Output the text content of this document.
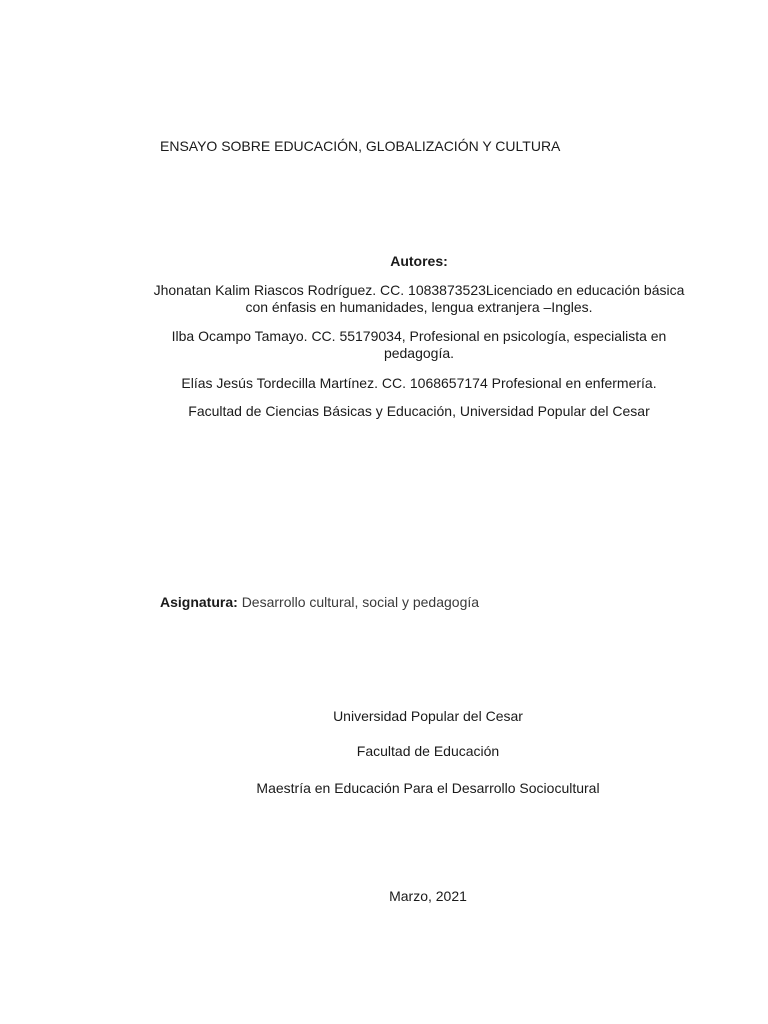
ENSAYO SOBRE EDUCACIÓN, GLOBALIZACIÓN Y CULTURA
Autores:
Jhonatan Kalim Riascos Rodríguez. CC. 1083873523Licenciado en educación básica con énfasis en humanidades, lengua extranjera –Ingles.
Ilba Ocampo Tamayo. CC. 55179034, Profesional en psicología, especialista en pedagogía.
Elías Jesús Tordecilla Martínez. CC. 1068657174 Profesional en enfermería.
Facultad de Ciencias Básicas y Educación, Universidad Popular del Cesar
Asignatura: Desarrollo cultural, social y pedagogía
Universidad Popular del Cesar
Facultad de Educación
Maestría en Educación Para el Desarrollo Sociocultural
Marzo, 2021
